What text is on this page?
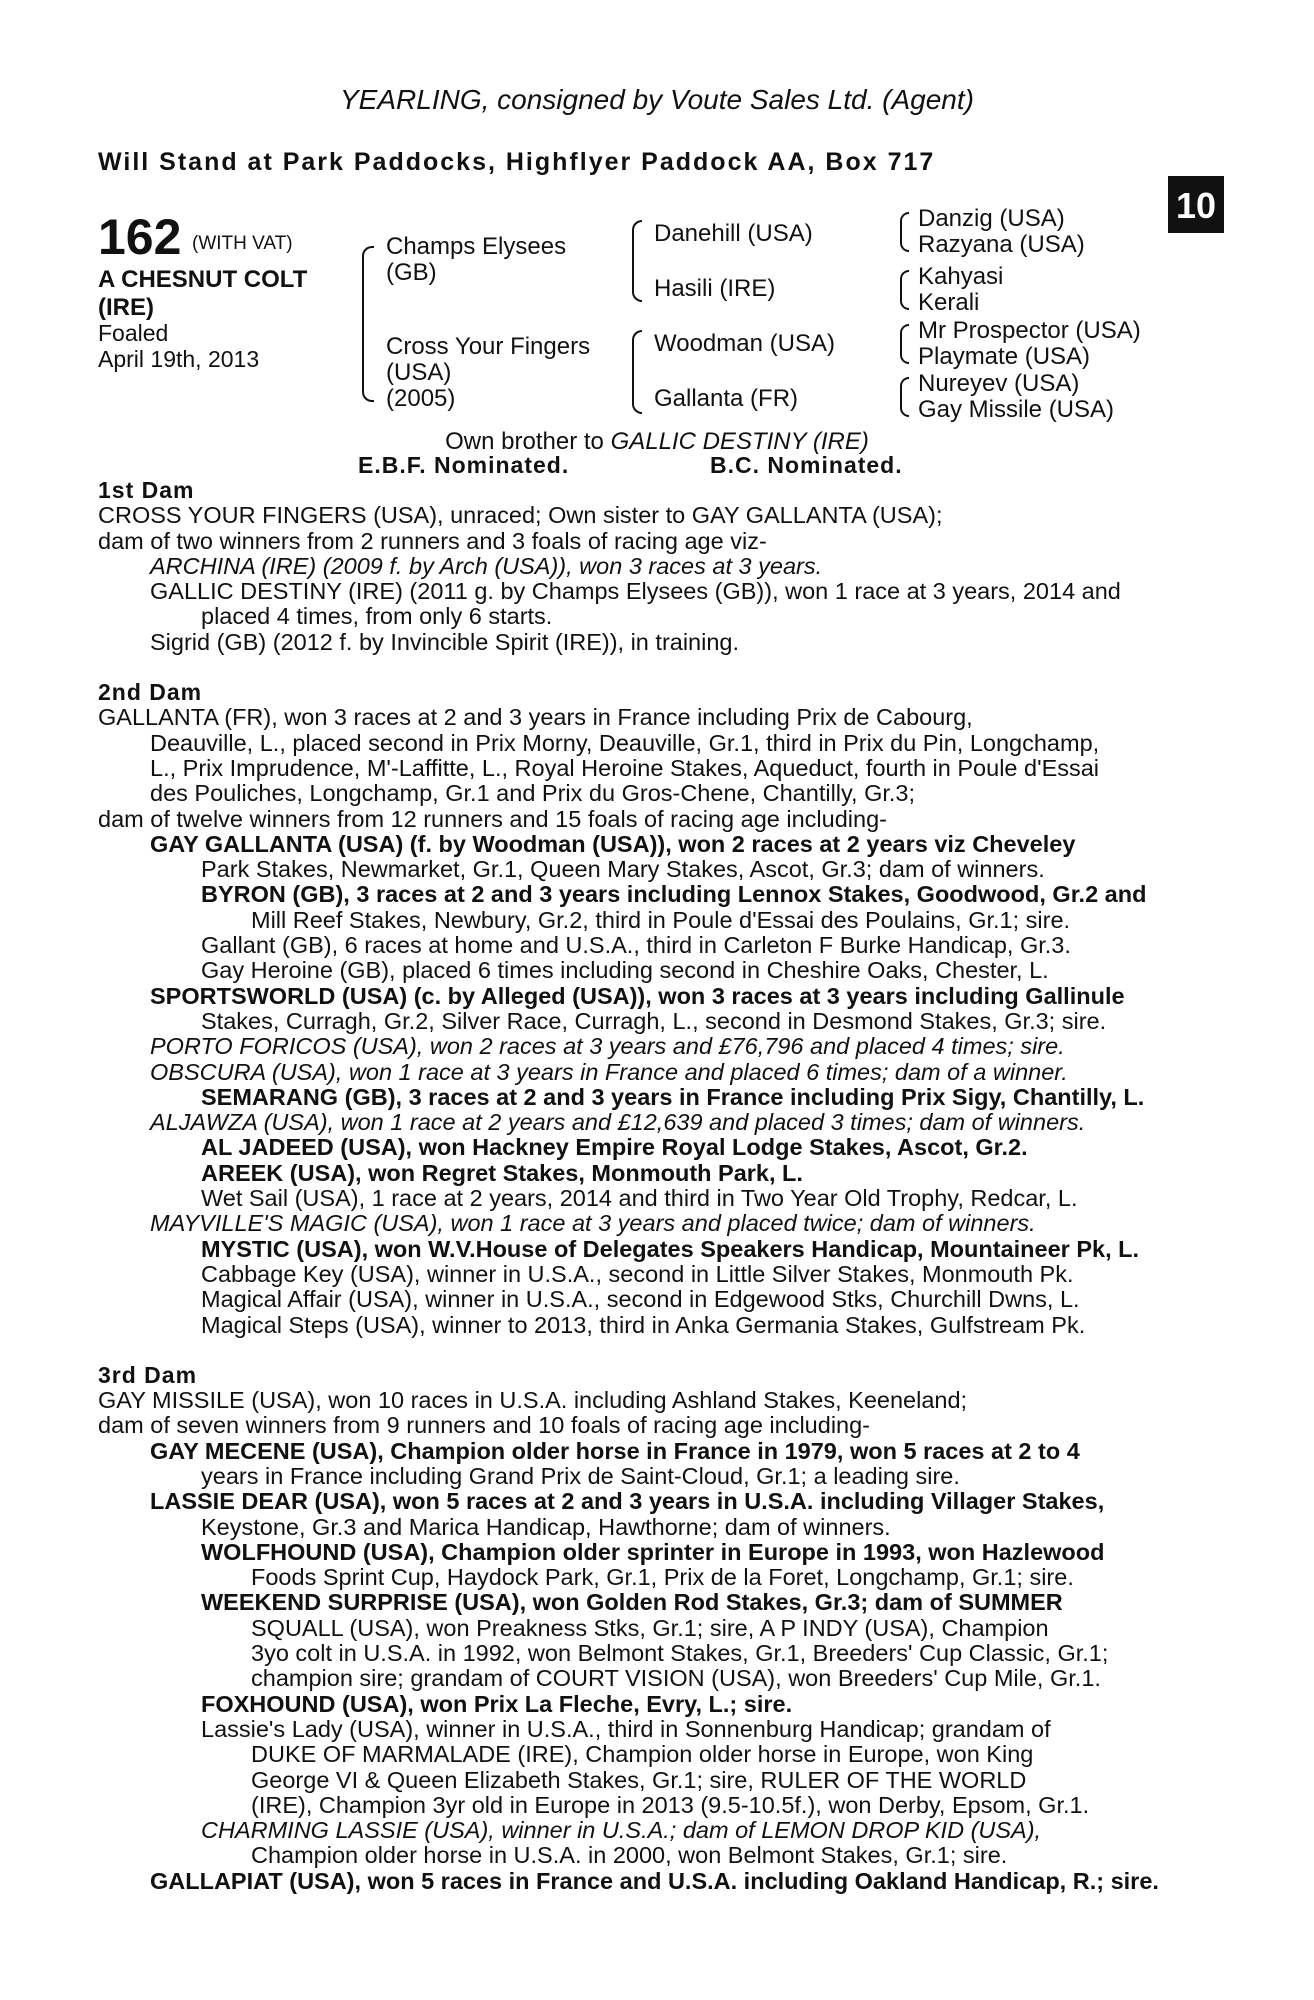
YEARLING, consigned by Voute Sales Ltd. (Agent)
Will Stand at Park Paddocks, Highflyer Paddock AA, Box 717	+
10
162 (WITH VAT)
A CHESNUT COLT
(IRE)
Foaled
April 19th, 2013
Champs Elysees
(GB)
Cross Your Fingers
(USA)
(2005)
Danehill (USA)
Hasili (IRE)
Woodman (USA)
Gallanta (FR)
Danzig (USA)
Razyana (USA)
Kahyasi
Kerali
Mr Prospector (USA)
Playmate (USA)
Nureyev (USA)
Gay Missile (USA)
Own brother to GALLIC DESTINY (IRE)
E.B.F. Nominated.	B.C. Nominated.
1st Dam
CROSS YOUR FINGERS (USA), unraced; Own sister to GAY GALLANTA (USA);
dam of two winners from 2 runners and 3 foals of racing age viz-
ARCHINA (IRE) (2009 f. by Arch (USA)), won 3 races at 3 years.
GALLIC DESTINY (IRE) (2011 g. by Champs Elysees (GB)), won 1 race at 3 years, 2014 and
placed 4 times, from only 6 starts.
Sigrid (GB) (2012 f. by Invincible Spirit (IRE)), in training.
2nd Dam
GALLANTA (FR), won 3 races at 2 and 3 years in France including Prix de Cabourg,
Deauville, L., placed second in Prix Morny, Deauville, Gr.1, third in Prix du Pin, Longchamp,
L., Prix Imprudence, M'-Laffitte, L., Royal Heroine Stakes, Aqueduct, fourth in Poule d'Essai
des Pouliches, Longchamp, Gr.1 and Prix du Gros-Chene, Chantilly, Gr.3;
dam of twelve winners from 12 runners and 15 foals of racing age including-
GAY GALLANTA (USA) (f. by Woodman (USA)), won 2 races at 2 years viz Cheveley
Park Stakes, Newmarket, Gr.1, Queen Mary Stakes, Ascot, Gr.3; dam of winners.
BYRON (GB), 3 races at 2 and 3 years including Lennox Stakes, Goodwood, Gr.2 and
Mill Reef Stakes, Newbury, Gr.2, third in Poule d'Essai des Poulains, Gr.1; sire.
Gallant (GB), 6 races at home and U.S.A., third in Carleton F Burke Handicap, Gr.3.
Gay Heroine (GB), placed 6 times including second in Cheshire Oaks, Chester, L.
SPORTSWORLD (USA) (c. by Alleged (USA)), won 3 races at 3 years including Gallinule
Stakes, Curragh, Gr.2, Silver Race, Curragh, L., second in Desmond Stakes, Gr.3; sire.
PORTO FORICOS (USA), won 2 races at 3 years and £76,796 and placed 4 times; sire.
OBSCURA (USA), won 1 race at 3 years in France and placed 6 times; dam of a winner.
SEMARANG (GB), 3 races at 2 and 3 years in France including Prix Sigy, Chantilly, L.
ALJAWZA (USA), won 1 race at 2 years and £12,639 and placed 3 times; dam of winners.
AL JADEED (USA), won Hackney Empire Royal Lodge Stakes, Ascot, Gr.2.
AREEK (USA), won Regret Stakes, Monmouth Park, L.
Wet Sail (USA), 1 race at 2 years, 2014 and third in Two Year Old Trophy, Redcar, L.
MAYVILLE'S MAGIC (USA), won 1 race at 3 years and placed twice; dam of winners.
MYSTIC (USA), won W.V.House of Delegates Speakers Handicap, Mountaineer Pk, L.
Cabbage Key (USA), winner in U.S.A., second in Little Silver Stakes, Monmouth Pk.
Magical Affair (USA), winner in U.S.A., second in Edgewood Stks, Churchill Dwns, L.
Magical Steps (USA), winner to 2013, third in Anka Germania Stakes, Gulfstream Pk.
3rd Dam
GAY MISSILE (USA), won 10 races in U.S.A. including Ashland Stakes, Keeneland;
dam of seven winners from 9 runners and 10 foals of racing age including-
GAY MECENE (USA), Champion older horse in France in 1979, won 5 races at 2 to 4
years in France including Grand Prix de Saint-Cloud, Gr.1; a leading sire.
LASSIE DEAR (USA), won 5 races at 2 and 3 years in U.S.A. including Villager Stakes,
Keystone, Gr.3 and Marica Handicap, Hawthorne; dam of winners.
WOLFHOUND (USA), Champion older sprinter in Europe in 1993, won Hazlewood
Foods Sprint Cup, Haydock Park, Gr.1, Prix de la Foret, Longchamp, Gr.1; sire.
WEEKEND SURPRISE (USA), won Golden Rod Stakes, Gr.3; dam of SUMMER
SQUALL (USA), won Preakness Stks, Gr.1; sire, A P INDY (USA), Champion
3yo colt in U.S.A. in 1992, won Belmont Stakes, Gr.1, Breeders' Cup Classic, Gr.1;
champion sire; grandam of COURT VISION (USA), won Breeders' Cup Mile, Gr.1.
FOXHOUND (USA), won Prix La Fleche, Evry, L.; sire.
Lassie's Lady (USA), winner in U.S.A., third in Sonnenburg Handicap; grandam of
DUKE OF MARMALADE (IRE), Champion older horse in Europe, won King
George VI & Queen Elizabeth Stakes, Gr.1; sire, RULER OF THE WORLD
(IRE), Champion 3yr old in Europe in 2013 (9.5-10.5f.), won Derby, Epsom, Gr.1.
CHARMING LASSIE (USA), winner in U.S.A.; dam of LEMON DROP KID (USA),
Champion older horse in U.S.A. in 2000, won Belmont Stakes, Gr.1; sire.
GALLAPIAT (USA), won 5 races in France and U.S.A. including Oakland Handicap, R.; sire.
